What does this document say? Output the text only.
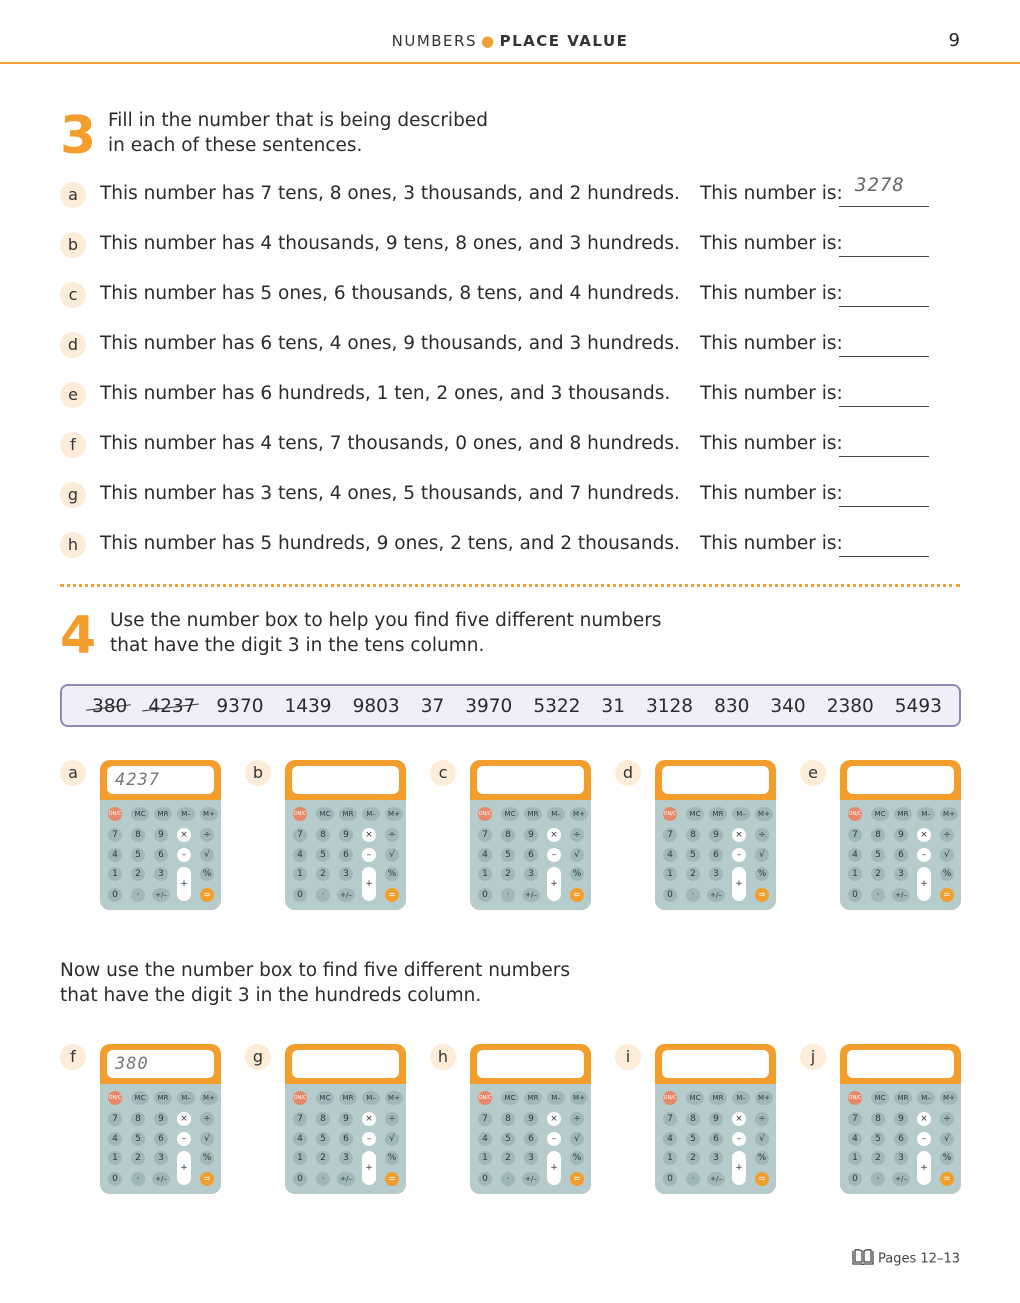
NUMBERS ● PLACE VALUE	9
3 Fill in the number that is being described
in each of these sentences.
a	This number has 7 tens, 8 ones, 3 thousands, and 2 hundreds. This number is: 3278
b	This number has 4 thousands, 9 tens, 8 ones, and 3 hundreds. This number is:
c	This number has 5 ones, 6 thousands, 8 tens, and 4 hundreds. This number is:
d	This number has 6 tens, 4 ones, 9 thousands, and 3 hundreds. This number is:
e	This number has 6 hundreds, 1 ten, 2 ones, and 3 thousands. This number is:
f	This number has 4 tens, 7 thousands, 0 ones, and 8 hundreds. This number is:
g	This number has 3 tens, 4 ones, 5 thousands, and 7 hundreds. This number is:
h	This number has 5 hundreds, 9 ones, 2 tens, and 2 thousands. This number is:
4 Use the number box to help you find five different numbers
that have the digit 3 in the tens column.
380 4237 9370 1439 9803 37 3970 5322 31 3128 830 340 2380 5493
a	4237
ON/C	MC	MR	M–	M+
7	8	9	×	÷
4	5	6	–	√
1	2	3
+
%
0	·	+/–	=
b
ON/C	MC	MR	M–	M+
7	8	9	×	÷
4	5	6	–	√
1	2	3
+
%
0	·	+/–	=
c
ON/C	MC	MR	M–	M+
7	8	9	×	÷
4	5	6	–	√
1	2	3
+
%
0	·	+/–	=
d
ON/C	MC	MR	M–	M+
7	8	9	×	÷
4	5	6	–	√
1	2	3
+
%
0	·	+/–	=
e
ON/C	MC	MR	M–	M+
7	8	9	×	÷
4	5	6	–	√
1	2	3
+
%
0	·	+/–	=
Now use the number box to find five different numbers
that have the digit 3 in the hundreds column.
f	380
ON/C	MC	MR	M–	M+
7	8	9	×	÷
4	5	6	–	√
1	2	3
+
%
0	·	+/–	=
g
ON/C	MC	MR	M–	M+
7	8	9	×	÷
4	5	6	–	√
1	2	3
+
%
0	·	+/–	=
h
ON/C	MC	MR	M–	M+
7	8	9	×	÷
4	5	6	–	√
1	2	3
+
%
0	·	+/–	=
i
ON/C	MC	MR	M–	M+
7	8	9	×	÷
4	5	6	–	√
1	2	3
+
%
0	·	+/–	=
j
ON/C	MC	MR	M–	M+
7	8	9	×	÷
4	5	6	–	√
1	2	3
+
%
0	·	+/–	=
Pages 12–13
